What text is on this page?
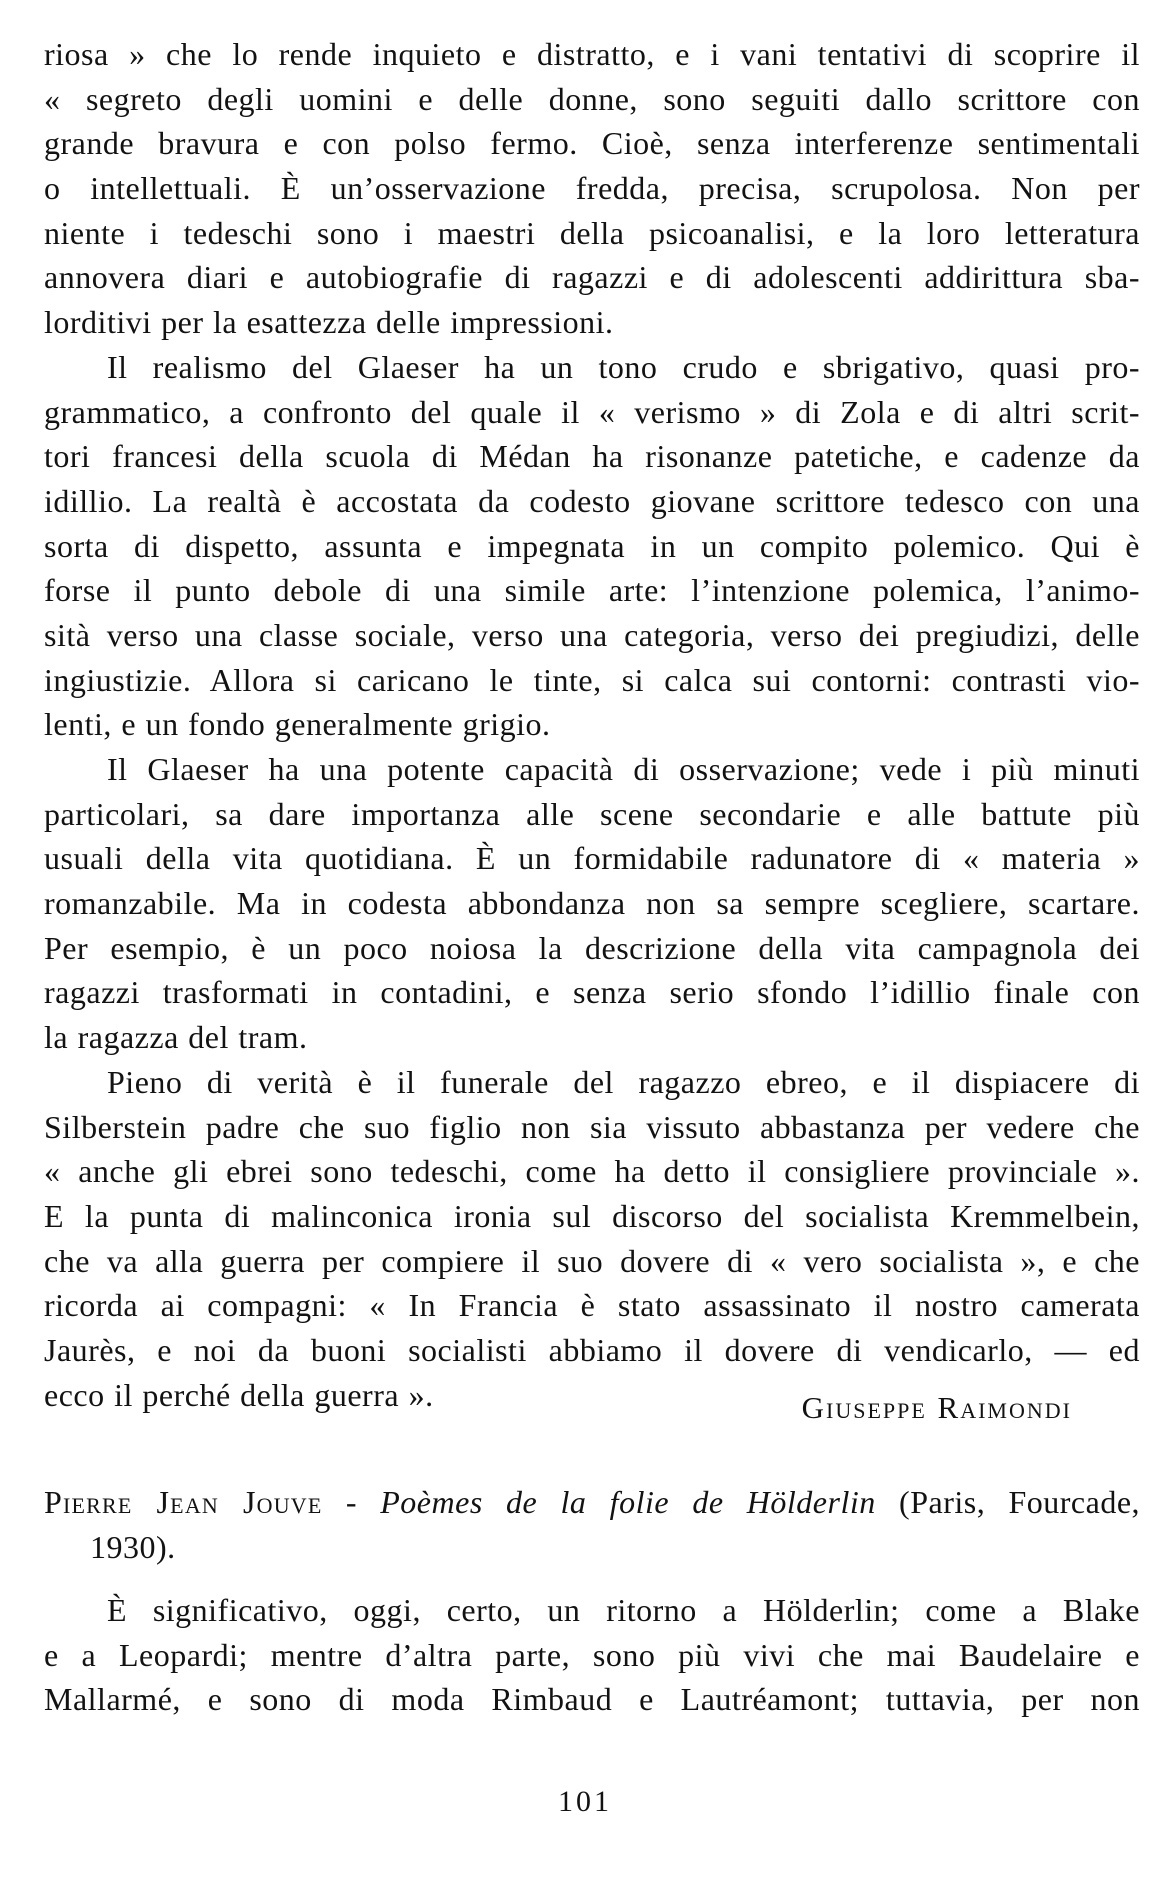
riosa » che lo rende inquieto e distratto, e i vani tentativi di scoprire il
« segreto degli uomini e delle donne, sono seguiti dallo scrittore con
grande bravura e con polso fermo. Cioè, senza interferenze sentimentali
o intellettuali. È un’osservazione fredda, precisa, scrupolosa. Non per
niente i tedeschi sono i maestri della psicoanalisi, e la loro letteratura
annovera diari e autobiografie di ragazzi e di adolescenti addirittura sba-
lorditivi per la esattezza delle impressioni.
Il realismo del Glaeser ha un tono crudo e sbrigativo, quasi pro-
grammatico, a confronto del quale il « verismo » di Zola e di altri scrit-
tori francesi della scuola di Médan ha risonanze patetiche, e cadenze da
idillio. La realtà è accostata da codesto giovane scrittore tedesco con una
sorta di dispetto, assunta e impegnata in un compito polemico. Qui è
forse il punto debole di una simile arte: l’intenzione polemica, l’animo-
sità verso una classe sociale, verso una categoria, verso dei pregiudizi, delle
ingiustizie. Allora si caricano le tinte, si calca sui contorni: contrasti vio-
lenti, e un fondo generalmente grigio.
Il Glaeser ha una potente capacità di osservazione; vede i più minuti
particolari, sa dare importanza alle scene secondarie e alle battute più
usuali della vita quotidiana. È un formidabile radunatore di « materia »
romanzabile. Ma in codesta abbondanza non sa sempre scegliere, scartare.
Per esempio, è un poco noiosa la descrizione della vita campagnola dei
ragazzi trasformati in contadini, e senza serio sfondo l’idillio finale con
la ragazza del tram.
Pieno di verità è il funerale del ragazzo ebreo, e il dispiacere di
Silberstein padre che suo figlio non sia vissuto abbastanza per vedere che
« anche gli ebrei sono tedeschi, come ha detto il consigliere provinciale ».
E la punta di malinconica ironia sul discorso del socialista Kremmelbein,
che va alla guerra per compiere il suo dovere di « vero socialista », e che
ricorda ai compagni: « In Francia è stato assassinato il nostro camerata
Jaurès, e noi da buoni socialisti abbiamo il dovere di vendicarlo, — ed
ecco il perché della guerra ».	Giuseppe Raimondi
Pierre Jean Jouve - Poèmes de la folie de Hölderlin (Paris, Fourcade,
1930).
È significativo, oggi, certo, un ritorno a Hölderlin; come a Blake
e a Leopardi; mentre d’altra parte, sono più vivi che mai Baudelaire e
Mallarmé, e sono di moda Rimbaud e Lautréamont; tuttavia, per non
101
